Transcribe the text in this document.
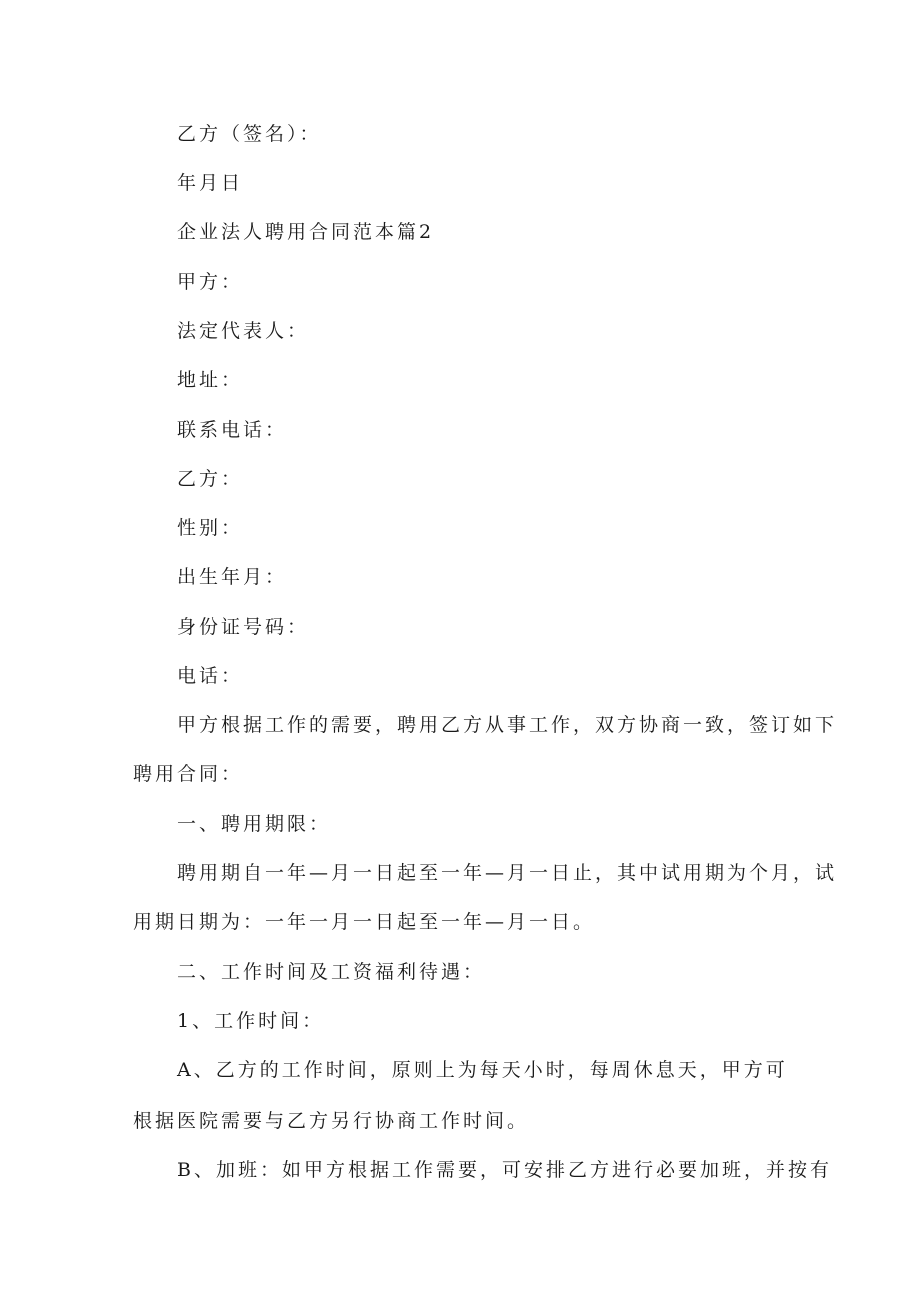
乙方（签名）：
年月日
企业法人聘用合同范本篇2
甲方：
法定代表人：
地址：
联系电话：
乙方：
性别：
出生年月：
身份证号码：
电话：
甲方根据工作的需要，聘用乙方从事工作，双方协商一致，签订如下
聘用合同：
一、聘用期限：
聘用期自一年—月一日起至一年—月一日止，其中试用期为个月，试
用期日期为：一年一月一日起至一年—月一日。
二、工作时间及工资福利待遇：
1、工作时间：
A、乙方的工作时间，原则上为每天小时，每周休息天，甲方可
根据医院需要与乙方另行协商工作时间。
B、加班：如甲方根据工作需要，可安排乙方进行必要加班，并按有
